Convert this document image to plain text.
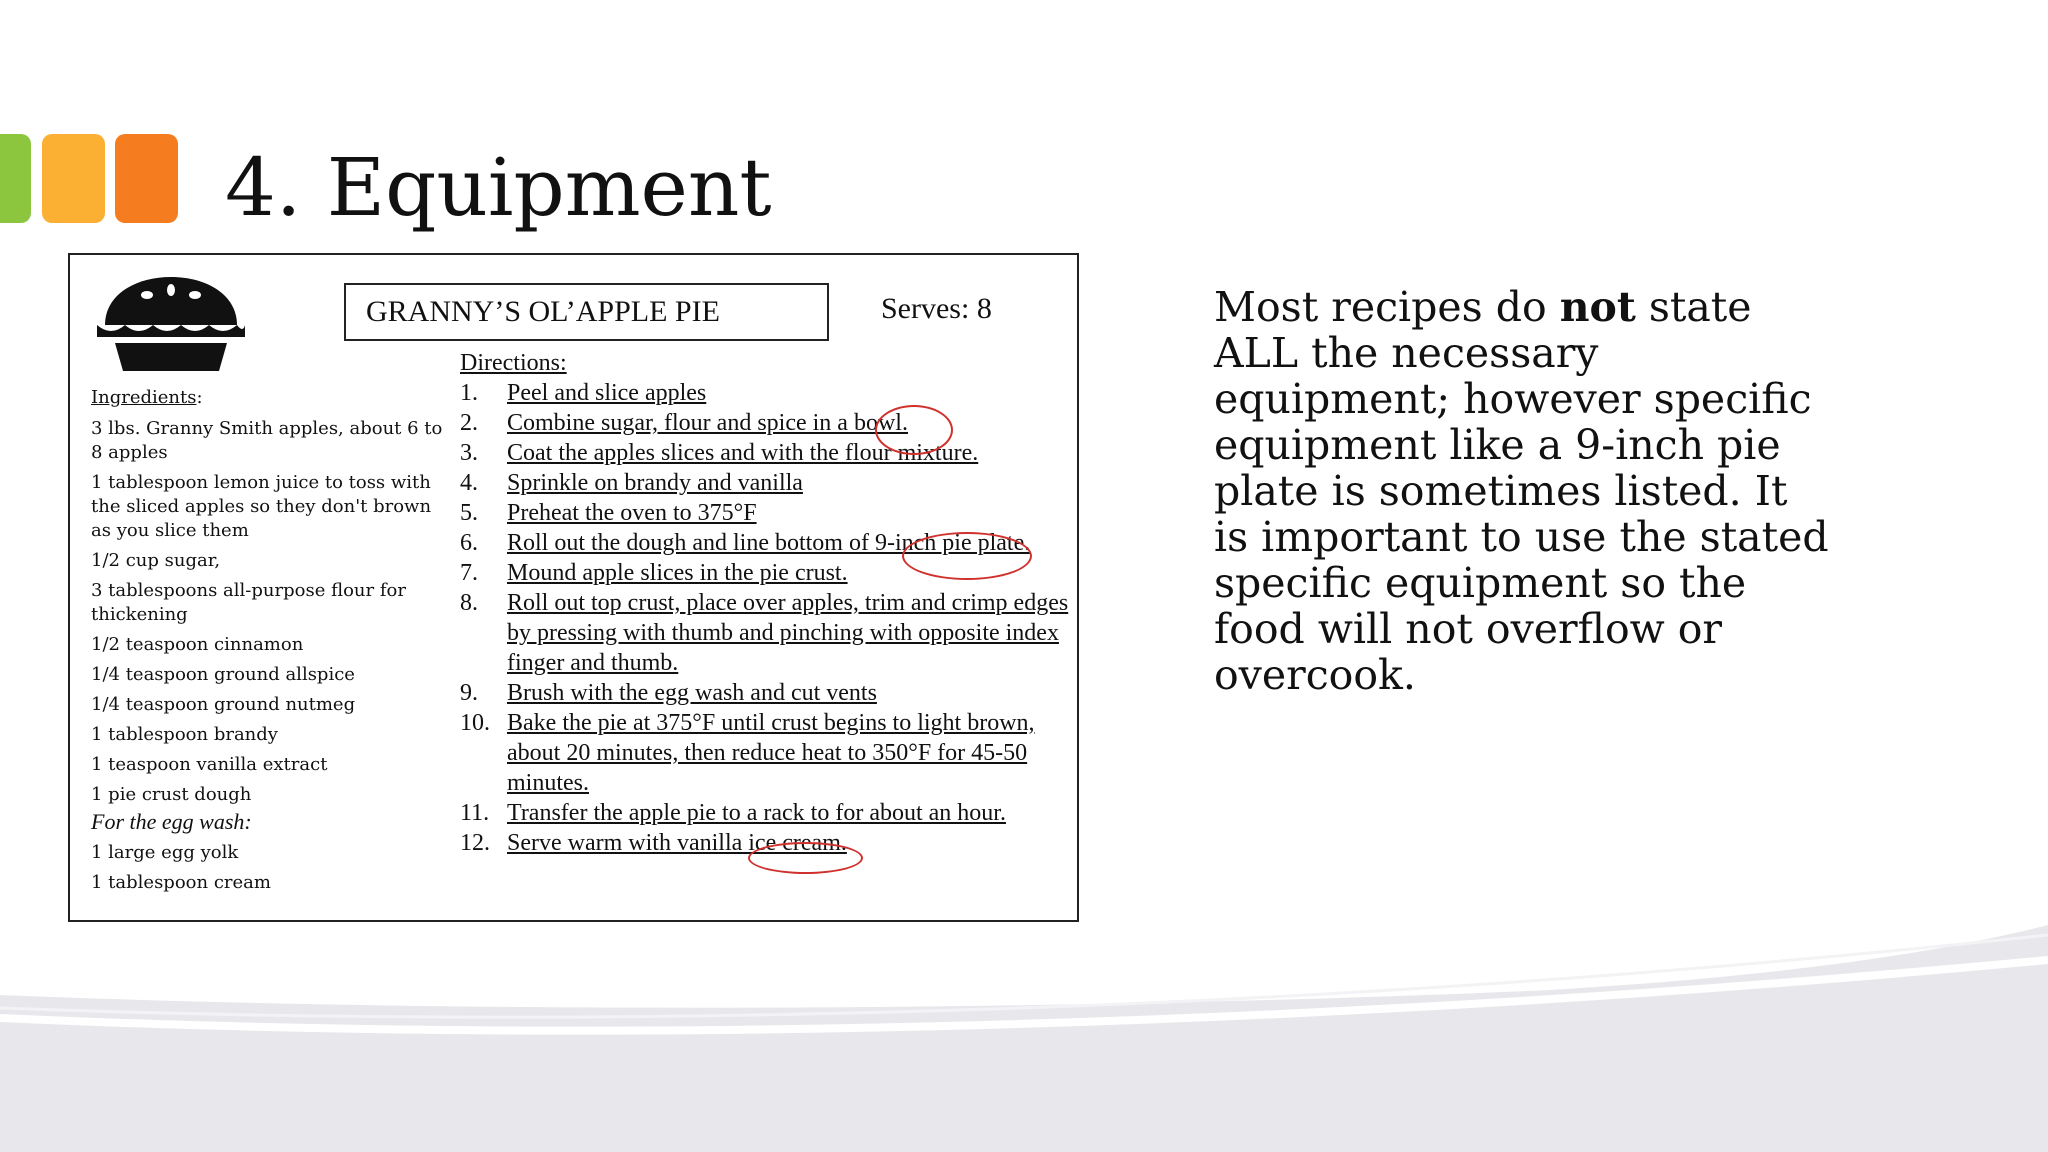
4. Equipment
GRANNY’S OL’APPLE PIE	Serves: 8
Ingredients:
3 lbs. Granny Smith apples, about 6 to 8 apples
1 tablespoon lemon juice to toss with the sliced apples so they don't brown as you slice them
1/2 cup sugar,
3 tablespoons all-purpose flour for thickening
1/2 teaspoon cinnamon
1/4 teaspoon ground allspice
1/4 teaspoon ground nutmeg
1 tablespoon brandy
1 teaspoon vanilla extract
1 pie crust dough
For the egg wash:
1 large egg yolk
1 tablespoon cream
Directions:
1. Peel and slice apples
2. Combine sugar, flour and spice in a bowl.
3. Coat the apples slices and with the flour mixture.
4. Sprinkle on brandy and vanilla
5. Preheat the oven to 375°F
6. Roll out the dough and line bottom of 9-inch pie plate.
7. Mound apple slices in the pie crust.
8. Roll out top crust, place over apples, trim and crimp edges by pressing with thumb and pinching with opposite index finger and thumb.
9. Brush with the egg wash and cut vents
10. Bake the pie at 375°F until crust begins to light brown, about 20 minutes, then reduce heat to 350°F for 45-50 minutes.
11. Transfer the apple pie to a rack to for about an hour.
12. Serve warm with vanilla ice cream.

Most recipes do not state ALL the necessary equipment; however specific equipment like a 9-inch pie plate is sometimes listed. It is important to use the stated specific equipment so the food will not overflow or overcook.
